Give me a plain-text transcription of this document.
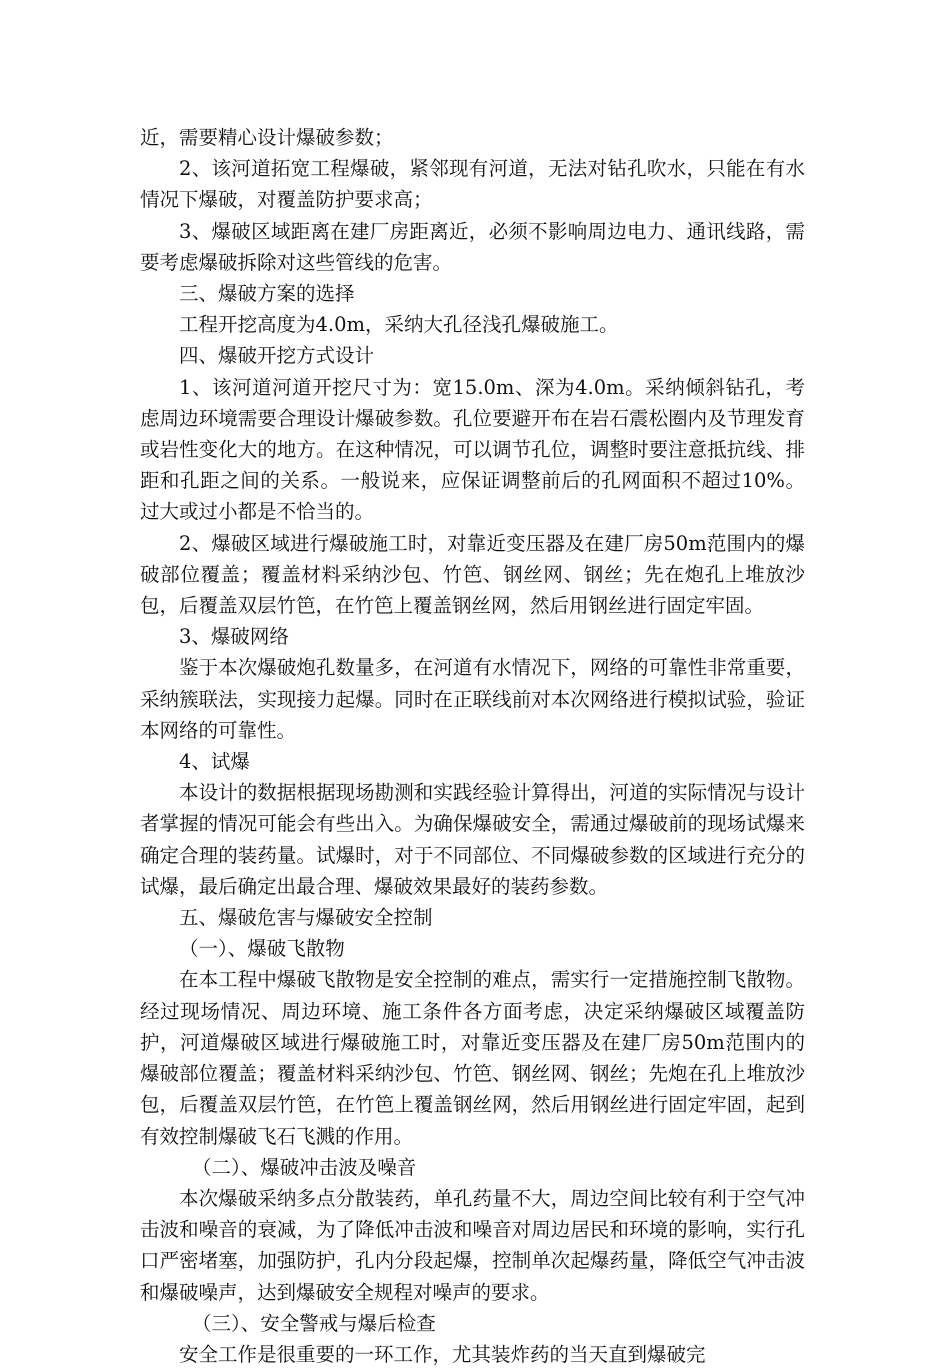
近，需要精心设计爆破参数；

2、该河道拓宽工程爆破，紧邻现有河道，无法对钻孔吹水，只能在有水情况下爆破，对覆盖防护要求高；

3、爆破区域距离在建厂房距离近，必须不影响周边电力、通讯线路，需要考虑爆破拆除对这些管线的危害。

三、爆破方案的选择

工程开挖高度为4.0m，采纳大孔径浅孔爆破施工。

四、爆破开挖方式设计

1、该河道河道开挖尺寸为：宽15.0m、深为4.0m。采纳倾斜钻孔，考虑周边环境需要合理设计爆破参数。孔位要避开布在岩石震松圈内及节理发育或岩性变化大的地方。在这种情况，可以调节孔位，调整时要注意抵抗线、排距和孔距之间的关系。一般说来，应保证调整前后的孔网面积不超过10%。过大或过小都是不恰当的。

2、爆破区域进行爆破施工时，对靠近变压器及在建厂房50m范围内的爆破部位覆盖；覆盖材料采纳沙包、竹笆、钢丝网、钢丝；先在炮孔上堆放沙包，后覆盖双层竹笆，在竹笆上覆盖钢丝网，然后用钢丝进行固定牢固。

3、爆破网络

鉴于本次爆破炮孔数量多，在河道有水情况下，网络的可靠性非常重要，采纳簇联法，实现接力起爆。同时在正联线前对本次网络进行模拟试验，验证本网络的可靠性。

4、试爆

本设计的数据根据现场勘测和实践经验计算得出，河道的实际情况与设计者掌握的情况可能会有些出入。为确保爆破安全，需通过爆破前的现场试爆来确定合理的装药量。试爆时，对于不同部位、不同爆破参数的区域进行充分的试爆，最后确定出最合理、爆破效果最好的装药参数。

五、爆破危害与爆破安全控制

（一）、爆破飞散物

在本工程中爆破飞散物是安全控制的难点，需实行一定措施控制飞散物。经过现场情况、周边环境、施工条件各方面考虑，决定采纳爆破区域覆盖防护，河道爆破区域进行爆破施工时，对靠近变压器及在建厂房50m范围内的爆破部位覆盖；覆盖材料采纳沙包、竹笆、钢丝网、钢丝；先炮在孔上堆放沙包，后覆盖双层竹笆，在竹笆上覆盖钢丝网，然后用钢丝进行固定牢固，起到有效控制爆破飞石飞溅的作用。

（二）、爆破冲击波及噪音

本次爆破采纳多点分散装药，单孔药量不大，周边空间比较有利于空气冲击波和噪音的衰减，为了降低冲击波和噪音对周边居民和环境的影响，实行孔口严密堵塞，加强防护，孔内分段起爆，控制单次起爆药量，降低空气冲击波和爆破噪声，达到爆破安全规程对噪声的要求。

（三）、安全警戒与爆后检查

安全工作是很重要的一环工作，尤其装炸药的当天直到爆破完
